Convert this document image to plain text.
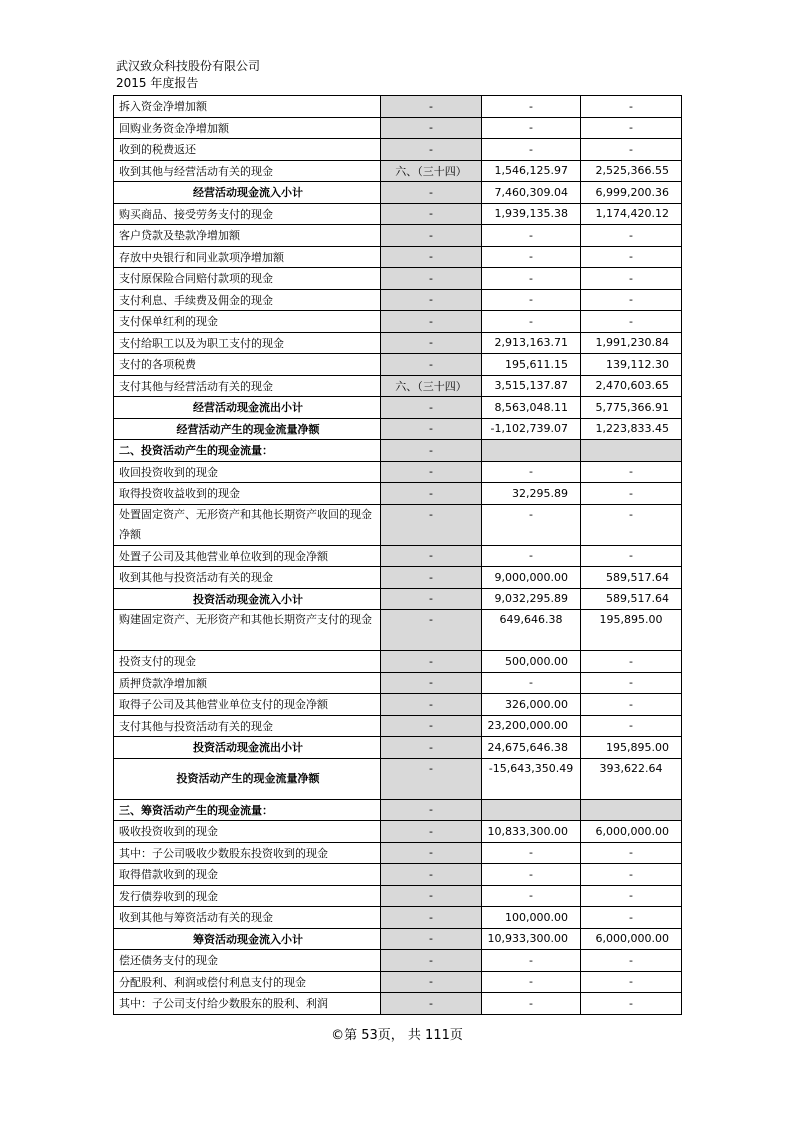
武汉致众科技股份有限公司
2015 年度报告
拆入资金净增加额	-	-	-
回购业务资金净增加额	-	-	-
收到的税费返还	-	-	-
收到其他与经营活动有关的现金	六、（三十四）	1,546,125.97	2,525,366.55
经营活动现金流入小计	-	7,460,309.04	6,999,200.36
购买商品、接受劳务支付的现金	-	1,939,135.38	1,174,420.12
客户贷款及垫款净增加额	-	-	-
存放中央银行和同业款项净增加额	-	-	-
支付原保险合同赔付款项的现金	-	-	-
支付利息、手续费及佣金的现金	-	-	-
支付保单红利的现金	-	-	-
支付给职工以及为职工支付的现金	-	2,913,163.71	1,991,230.84
支付的各项税费	-	195,611.15	139,112.30
支付其他与经营活动有关的现金	六、（三十四）	3,515,137.87	2,470,603.65
经营活动现金流出小计	-	8,563,048.11	5,775,366.91
经营活动产生的现金流量净额	-	-1,102,739.07	1,223,833.45
二、投资活动产生的现金流量：	-		
收回投资收到的现金	-	-	-
取得投资收益收到的现金	-	32,295.89	-
处置固定资产、无形资产和其他长期资产收回的现金净额	-	-	-
处置子公司及其他营业单位收到的现金净额	-	-	-
收到其他与投资活动有关的现金	-	9,000,000.00	589,517.64
投资活动现金流入小计	-	9,032,295.89	589,517.64
购建固定资产、无形资产和其他长期资产支付的现金	-	649,646.38	195,895.00
投资支付的现金	-	500,000.00	-
质押贷款净增加额	-	-	-
取得子公司及其他营业单位支付的现金净额	-	326,000.00	-
支付其他与投资活动有关的现金	-	23,200,000.00	-
投资活动现金流出小计	-	24,675,646.38	195,895.00
投资活动产生的现金流量净额	-	-15,643,350.49	393,622.64
三、筹资活动产生的现金流量：	-		
吸收投资收到的现金	-	10,833,300.00	6,000,000.00
其中：子公司吸收少数股东投资收到的现金	-	-	-
取得借款收到的现金	-	-	-
发行债券收到的现金	-	-	-
收到其他与筹资活动有关的现金	-	100,000.00	-
筹资活动现金流入小计	-	10,933,300.00	6,000,000.00
偿还债务支付的现金	-	-	-
分配股利、利润或偿付利息支付的现金	-	-	-
其中：子公司支付给少数股东的股利、利润	-	-	-
©第 53页， 共 111页
